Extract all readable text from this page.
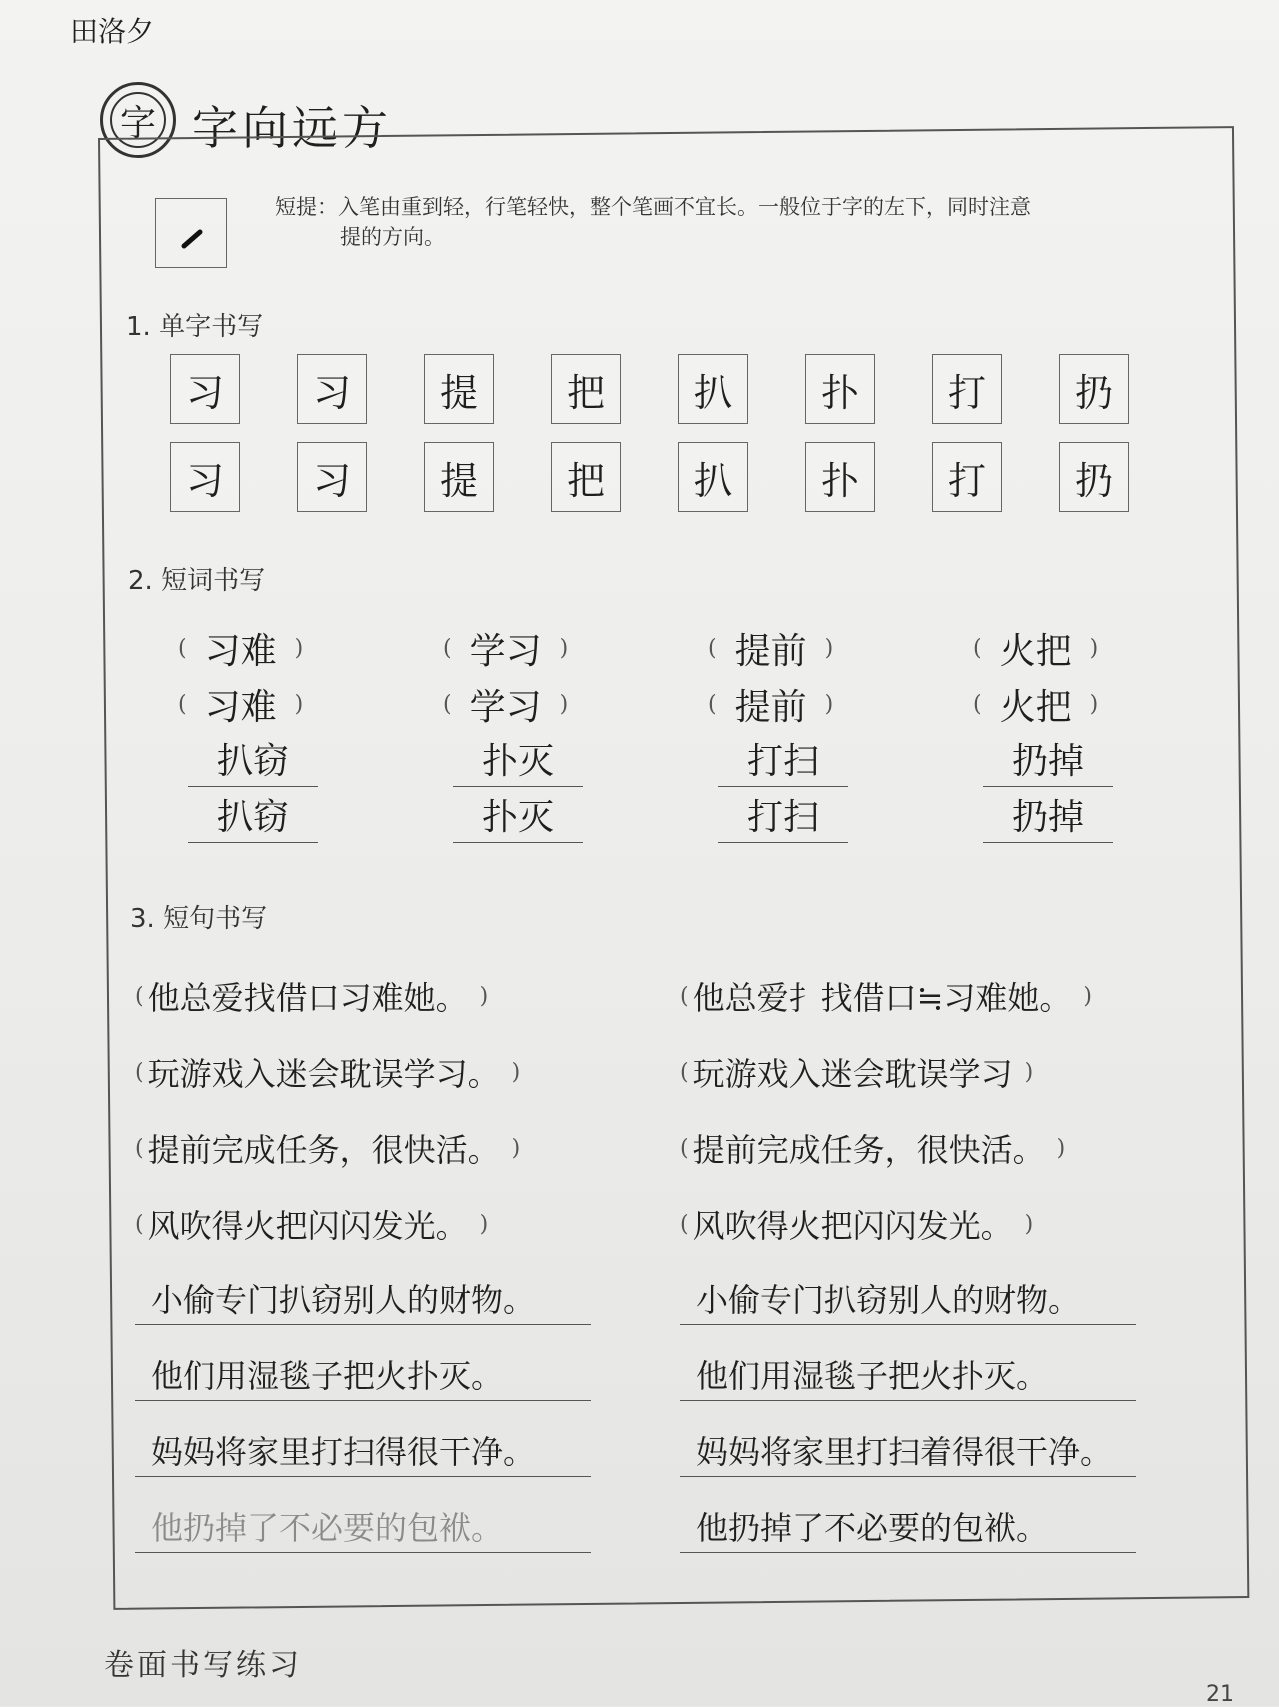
田洛夕
字 字向远方
短提：入笔由重到轻，行笔轻快，整个笔画不宜长。一般位于字的左下，同时注意
提的方向。
1. 单字书写
习	习	提	把	扒	扑	打	扔
习	习	提	把	扒	扑	打	扔
2. 短词书写
( 习难 )	( 学习 )	( 提前 )	( 火把 )
( 习难 )	( 学习 )	( 提前 )	( 火把 )
扒窃	扑灭	打扫	扔掉
扒窃	扑灭	打扫	扔掉
3. 短句书写
( 他总爱找借口习难她。 )	( 他总爱扌找借口≒习难她。 )
( 玩游戏入迷会耽误学习。 )	( 玩游戏入迷会耽误学习 )
( 提前完成任务，很快活。 )	( 提前完成任务，很快活。 )
( 风吹得火把闪闪发光。 )	( 风吹得火把闪闪发光。 )
小偷专门扒窃别人的财物。	小偷专门扒窃别人的财物。
他们用湿毯子把火扑灭。	他们用湿毯子把火扑灭。
妈妈将家里打扫得很干净。	妈妈将家里打扫着得很干净。
他扔掉了不必要的包袱。	他扔掉了不必要的包袱。
卷面书写练习
21
